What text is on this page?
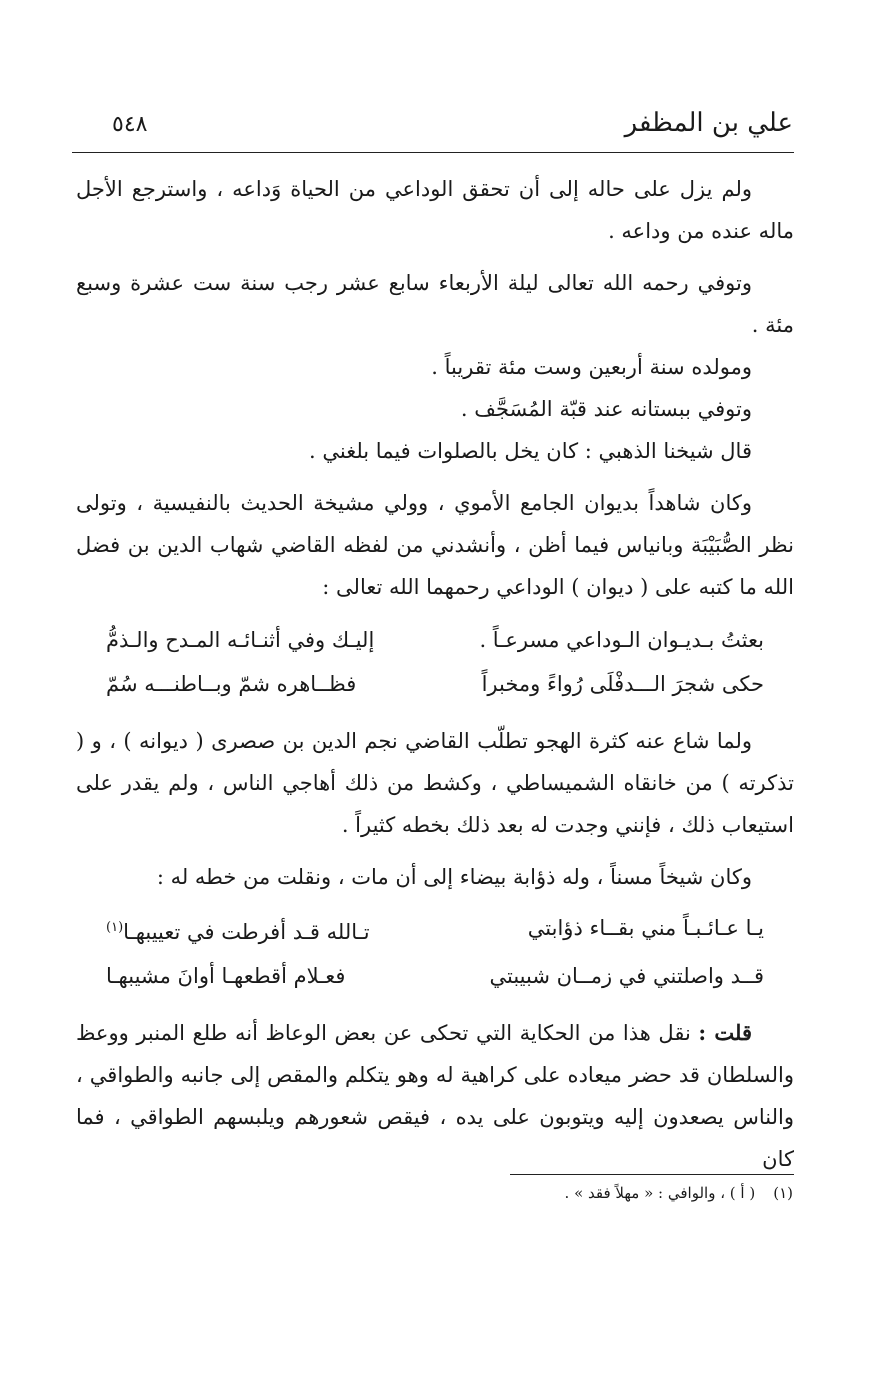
علي بن المظفر
٥٤٨

ولم يزل على حاله إلى أن تحقق الوداعي من الحياة وَداعه ، واسترجع الأجل ماله عنده من وداعه .

وتوفي رحمه الله تعالى ليلة الأربعاء سابع عشر رجب سنة ست عشرة وسبع مئة .
ومولده سنة أربعين وست مئة تقريباً .
وتوفي ببستانه عند قبّة المُسَجَّف .
قال شيخنا الذهبي : كان يخل بالصلوات فيما بلغني .

وكان شاهداً بديوان الجامع الأموي ، وولي مشيخة الحديث بالنفيسية ، وتولى نظر الصُّبَيْبَة وبانياس فيما أظن ، وأنشدني من لفظه القاضي شهاب الدين بن فضل الله ما كتبه على ( ديوان ) الوداعي رحمهما الله تعالى :

بعثتُ بـديـوان الـوداعي مسرعـاً .
إليـك وفي أثنـائـه المـدح والـذمُّ
حكى شجرَ الـــدفْلَى رُواءً ومخبراً
فظــاهره شمّ وبــاطنـــه سُمّ

ولما شاع عنه كثرة الهجو تطلّب القاضي نجم الدين بن صصرى ( ديوانه ) ، و ( تذكرته ) من خانقاه الشميساطي ، وكشط من ذلك أهاجي الناس ، ولم يقدر على استيعاب ذلك ، فإنني وجدت له بعد ذلك بخطه كثيراً .

وكان شيخاً مسناً ، وله ذؤابة بيضاء إلى أن مات ، ونقلت من خطه له :

يـا عـائـبـاً مني بقــاء ذؤابتي
تـالله قـد أفرطت في تعييبهـا$^{(١)}$
قــد واصلتني في زمــان شبيبتي
فعـلام أقطعهـا أوانَ مشيبهـا

قلت : نقل هذا من الحكاية التي تحكى عن بعض الوعاظ أنه طلع المنبر ووعظ والسلطان قد حضر ميعاده على كراهية له وهو يتكلم والمقص إلى جانبه والطواقي ، والناس يصعدون إليه ويتوبون على يده ، فيقص شعورهم ويلبسهم الطواقي ، فما كان

(١)( أ ) ، والوافي : « مهلاً فقد » .
